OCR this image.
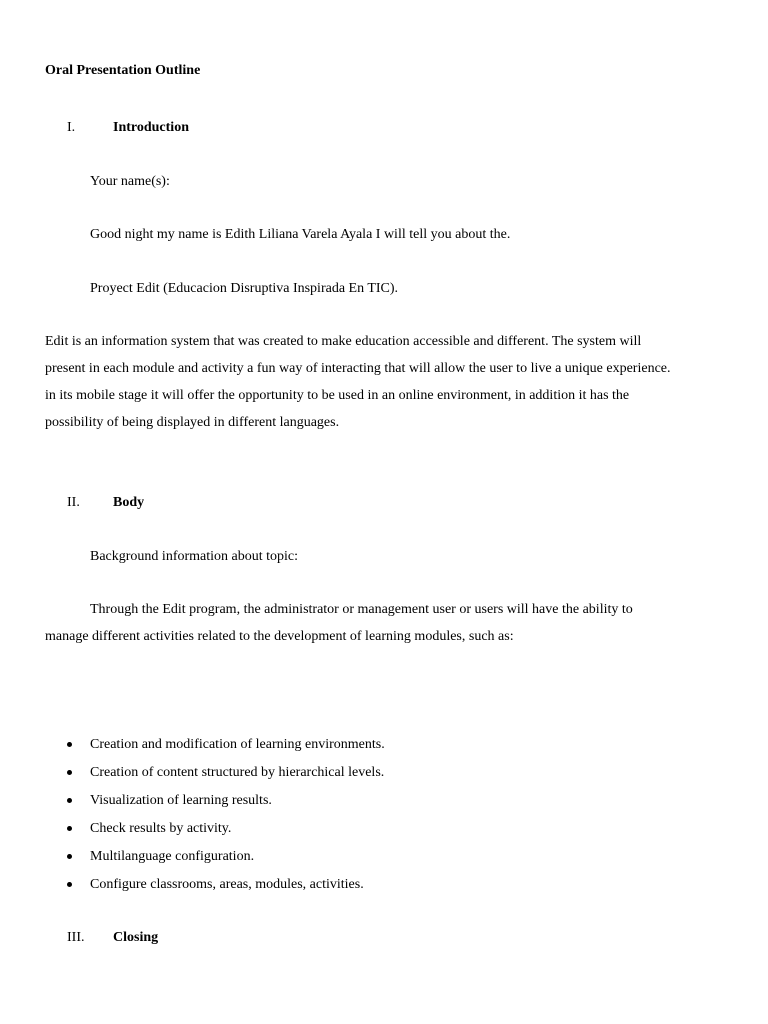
Oral Presentation Outline
I.	Introduction
Your name(s):
Good night my name is Edith Liliana Varela Ayala I will tell you about the.
Proyect Edit (Educacion Disruptiva Inspirada En TIC).
Edit is an information system that was created to make education accessible and different. The system will
present in each module and activity a fun way of interacting that will allow the user to live a unique experience.
in its mobile stage it will offer the opportunity to be used in an online environment, in addition it has the
possibility of being displayed in different languages.
II. Body
Background information about topic:
Through the Edit program, the administrator or management user or users will have the ability to
manage different activities related to the development of learning modules, such as:
Creation and modification of learning environments.
Creation of content structured by hierarchical levels.
Visualization of learning results.
Check results by activity.
Multilanguage configuration.
Configure classrooms, areas, modules, activities.
III. Closing
